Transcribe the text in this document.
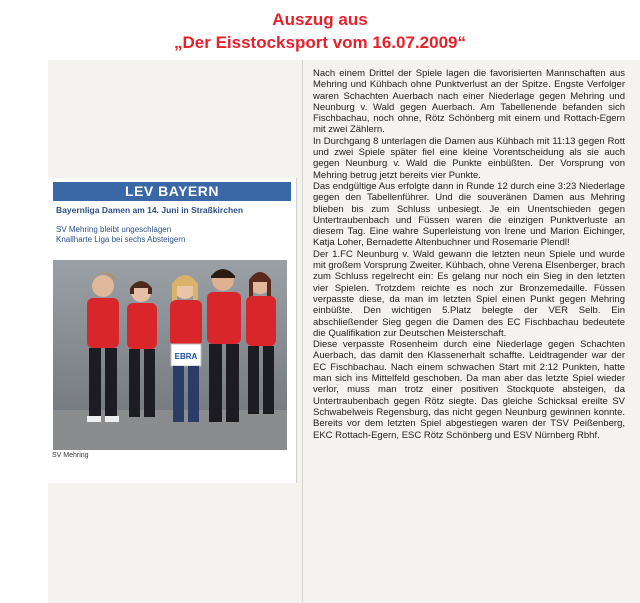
Auszug aus
„Der Eisstocksport vom 16.07.2009“
LEV BAYERN
Bayernliga Damen am 14. Juni in Straßkirchen
SV Mehring bleibt ungeschlagen
Knallharte Liga bei sechs Absteigern
EBRA
SV Mehring

Nach einem Drittel der Spiele lagen die favorisierten Mannschaften aus Mehring und Kühbach ohne Punktverlust an der Spitze. Engste Verfolger waren Schachten Auerbach nach einer Niederlage gegen Mehring und Neunburg v. Wald gegen Auerbach. Am Tabellenende befanden sich Fischbachau, noch ohne, Rötz Schönberg mit einem und Rottach-Egern mit zwei Zählern.

In Durchgang 8 unterlagen die Damen aus Kühbach mit 11:13 gegen Rott und zwei Spiele später fiel eine kleine Vorentscheidung als sie auch gegen Neunburg v. Wald die Punkte einbüßten. Der Vorsprung von Mehring betrug jetzt bereits vier Punkte.

Das endgültige Aus erfolgte dann in Runde 12 durch eine 3:23 Niederlage gegen den Tabellenführer. Und die souveränen Damen aus Mehring blieben bis zum Schluss unbesiegt. Je ein Unentschieden gegen Untertraubenbach und Füssen waren die einzigen Punktverluste an diesem Tag. Eine wahre Superleistung von Irene und Marion Eichinger, Katja Loher, Bernadette Altenbuchner und Rosemarie Plendl!

Der 1.FC Neunburg v. Wald gewann die letzten neun Spiele und wurde mit großem Vorsprung Zweiter. Kühbach, ohne Verena Elsenberger, brach zum Schluss regelrecht ein: Es gelang nur noch ein Sieg in den letzten vier Spielen. Trotzdem reichte es noch zur Bronzemedaille. Füssen verpasste diese, da man im letzten Spiel einen Punkt gegen Mehring einbüßte. Den wichtigen 5.Platz belegte der VER Selb. Ein abschließender Sieg gegen die Damen des EC Fischbachau bedeutete die Qualifikation zur Deutschen Meisterschaft.

Diese verpasste Rosenheim durch eine Niederlage gegen Schachten Auerbach, das damit den Klassenerhalt schaffte. Leidtragender war der EC Fischbachau. Nach einem schwachen Start mit 2:12 Punkten, hatte man sich ins Mittelfeld geschoben. Da man aber das letzte Spiel wieder verlor, muss man trotz einer positiven Stockquote absteigen, da Untertraubenbach gegen Rötz siegte. Das gleiche Schicksal ereilte SV Schwabelweis Regensburg, das nicht gegen Neunburg gewinnen konnte. Bereits vor dem letzten Spiel abgestiegen waren der TSV Peißenberg, EKC Rottach-Egern, ESC Rötz Schönberg und ESV Nürnberg Rbhf.
